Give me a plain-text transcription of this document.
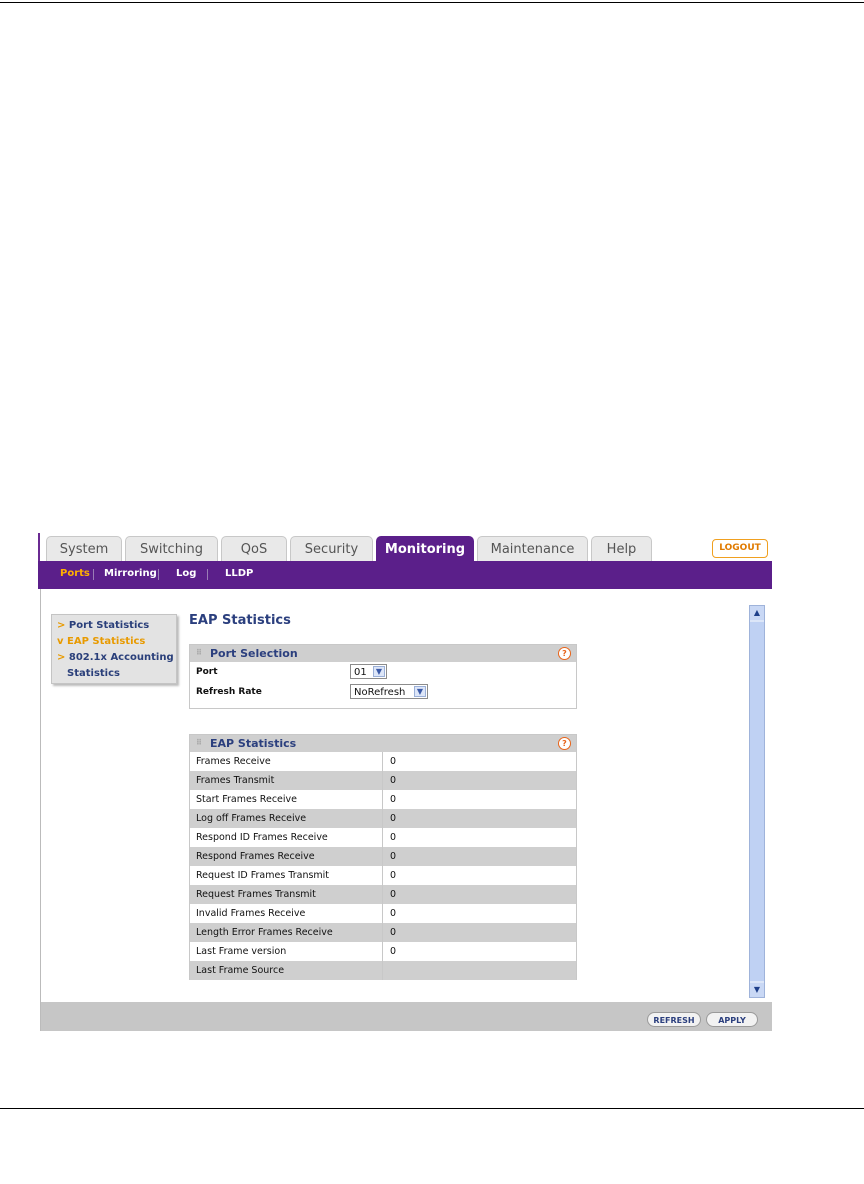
System	Switching	QoS	Security	Monitoring	Maintenance	Help	LOGOUT
Ports Mirroring Log	LLDP
> Port Statistics
v EAP Statistics
> 802.1x Accounting
Statistics
EAP Statistics
⠿ Port Selection	?
Port	01	▼
Refresh Rate	NoRefresh	▼
⠿ EAP Statistics	?
Frames Receive	0
Frames Transmit	0
Start Frames Receive	0
Log off Frames Receive	0
Respond ID Frames Receive	0
Respond Frames Receive	0
Request ID Frames Transmit	0
Request Frames Transmit	0
Invalid Frames Receive	0
Length Error Frames Receive	0
Last Frame version	0
Last Frame Source
▲
▼
REFRESH	APPLY
